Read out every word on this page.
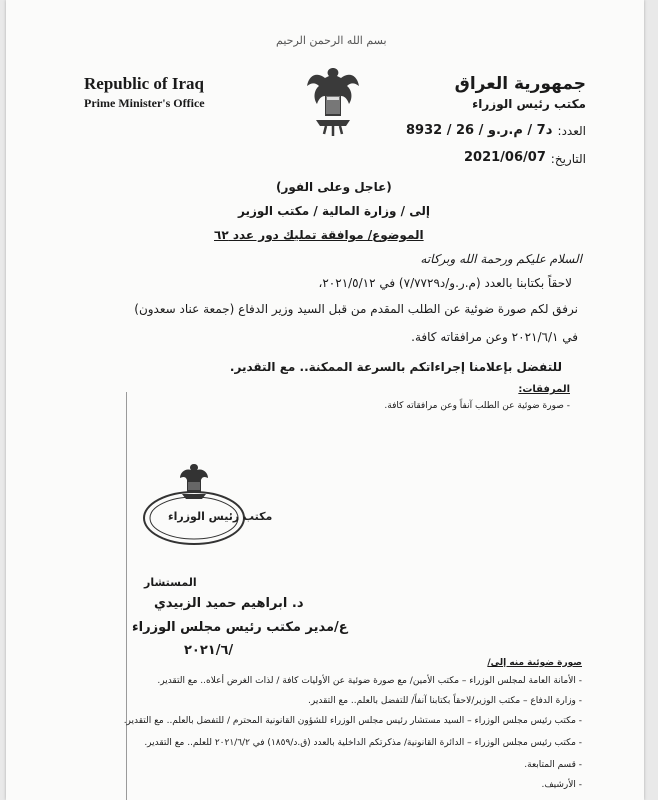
بسم الله الرحمن الرحيم
Republic of Iraq
Prime Minister's Office
جمهورية العراق
مكتب رئيس الوزراء
العدد:
8932 / 26 / د7 / م.ر.و
التاريخ:
2021/06/07
(عاجل وعلى الفور)
إلى / وزارة المالية / مكتب الوزير
الموضوع/ موافقة تمليك دور عدد ٦٢
السلام عليكم ورحمة الله وبركاته
لاحقاً بكتابنا بالعدد (م.ر.و/د٧/٧٧٢٩) في ٢٠٢١/٥/١٢،
نرفق لكم صورة ضوئية عن الطلب المقدم من قبل السيد وزير الدفاع (جمعة عناد سعدون)
في ٢٠٢١/٦/١ وعن مرافقاته كافة.
للتفضل بإعلامنا إجراءاتكم بالسرعة الممكنة.. مع التقدير.
المرفقات:
- صورة ضوئية عن الطلب آنفاً وعن مرافقاته كافة.
مكتب رئيس الوزراء
المستشار
د. ابراهيم حميد الزبيدي
ع/مدير مكتب رئيس مجلس الوزراء
٢٠٢١/٦/
صورة ضوئية منه إلى/
- الأمانة العامة لمجلس الوزراء – مكتب الأمين/ مع صورة ضوئية عن الأوليات كافة / لذات الغرض أعلاه.. مع التقدير.
- وزارة الدفاع – مكتب الوزير/لاحقاً بكتابنا آنفاً/ للتفضل بالعلم.. مع التقدير.
- مكتب رئيس مجلس الوزراء – السيد مستشار رئيس مجلس الوزراء للشؤون القانونية المحترم / للتفضل بالعلم.. مع التقدير.
- مكتب رئيس مجلس الوزراء – الدائرة القانونية/ مذكرتكم الداخلية بالعدد (ق.د/١٨٥٩) في ٢٠٢١/٦/٢ للعلم.. مع التقدير.
- قسم المتابعة.
- الأرشيف.
